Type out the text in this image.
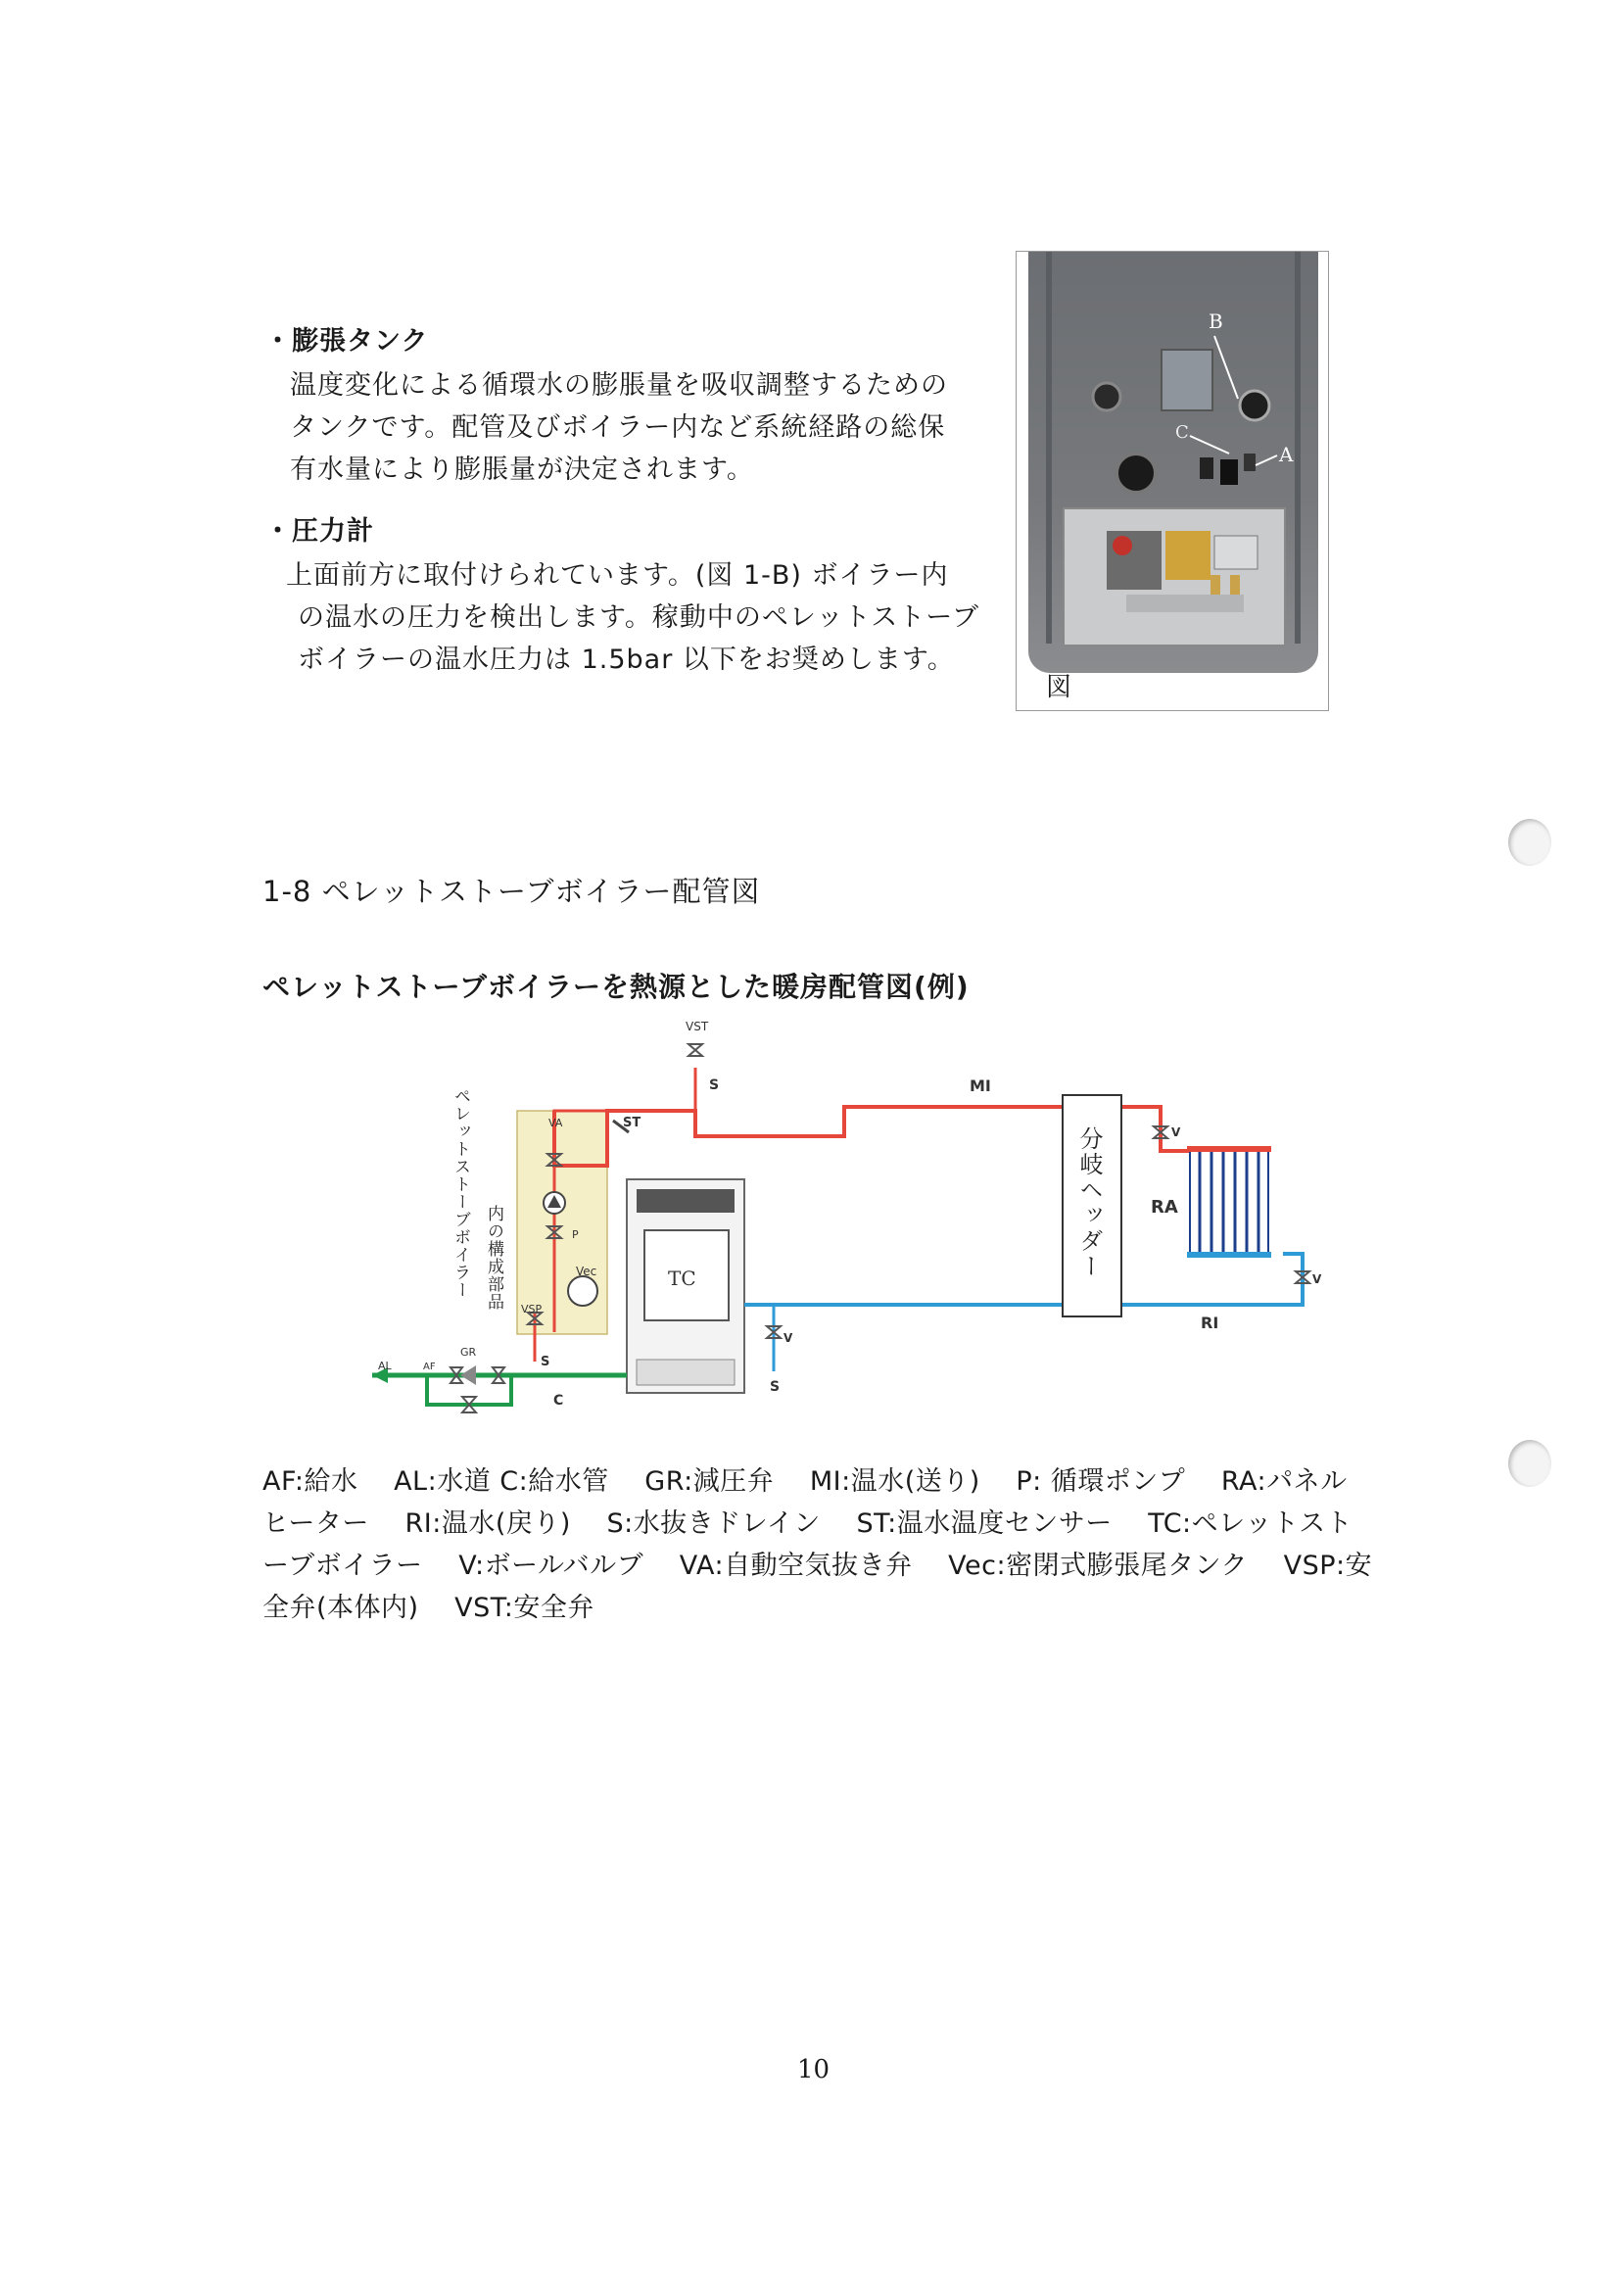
・膨張タンク
温度変化による循環水の膨脹量を吸収調整するための
タンクです。配管及びボイラー内など系統経路の総保
有水量により膨脹量が決定されます。
・圧力計
上面前方に取付けられています。(図 1-B) ボイラー内
の温水の圧力を検出します。稼動中のペレットストーブ
ボイラーの温水圧力は 1.5bar 以下をお奨めします。
B
A
C
図
1-8 ペレットストーブボイラー配管図
ペレットストーブボイラーを熱源とした暖房配管図(例)
TC
VST
S	MI
ST
VA
P
Vec
VSP
S
V
RA
RI
V
V
S
AL	AF
GR
C
分岐ヘッダー
ペレットストーブボイラー 内の構成部品
AF:給水　 AL:水道 C:給水管　 GR:減圧弁　 MI:温水(送り)　 P: 循環ポンプ　 RA:パネル
ヒーター　 RI:温水(戻り)　 S:水抜きドレイン　 ST:温水温度センサー　 TC:ペレットスト
ーブボイラー　 V:ボールバルブ　 VA:自動空気抜き弁　 Vec:密閉式膨張尾タンク　 VSP:安
全弁(本体内)　 VST:安全弁
10
